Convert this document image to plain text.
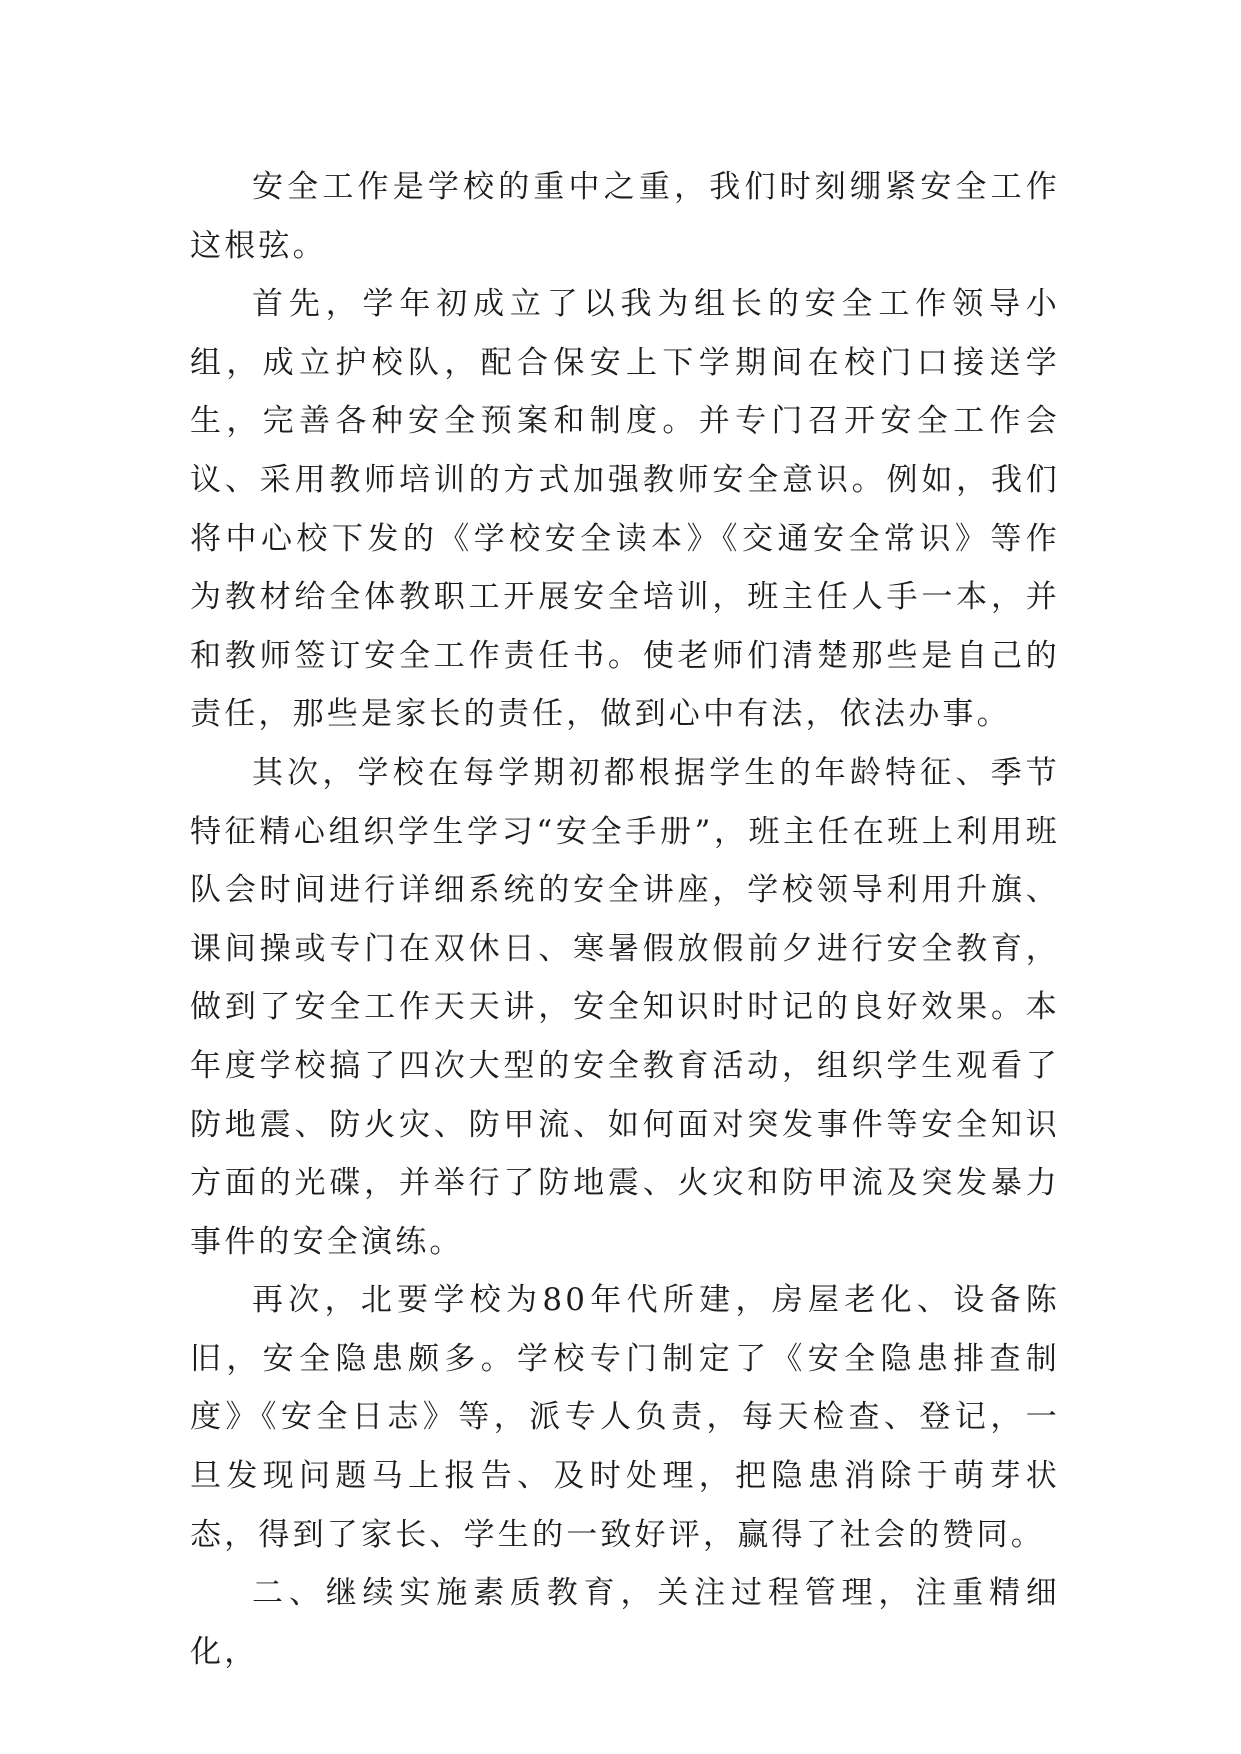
安全工作是学校的重中之重，我们时刻绷紧安全工作这根弦。

首先，学年初成立了以我为组长的安全工作领导小组，成立护校队，配合保安上下学期间在校门口接送学生，完善各种安全预案和制度。并专门召开安全工作会议、采用教师培训的方式加强教师安全意识。例如，我们将中心校下发的《学校安全读本》《交通安全常识》等作为教材给全体教职工开展安全培训，班主任人手一本，并和教师签订安全工作责任书。使老师们清楚那些是自己的责任，那些是家长的责任，做到心中有法，依法办事。

其次，学校在每学期初都根据学生的年龄特征、季节特征精心组织学生学习“安全手册”，班主任在班上利用班队会时间进行详细系统的安全讲座，学校领导利用升旗、课间操或专门在双休日、寒暑假放假前夕进行安全教育，做到了安全工作天天讲，安全知识时时记的良好效果。本年度学校搞了四次大型的安全教育活动，组织学生观看了防地震、防火灾、防甲流、如何面对突发事件等安全知识方面的光碟，并举行了防地震、火灾和防甲流及突发暴力事件的安全演练。

再次，北要学校为80年代所建，房屋老化、设备陈旧，安全隐患颇多。学校专门制定了《安全隐患排查制度》《安全日志》等，派专人负责，每天检查、登记，一旦发现问题马上报告、及时处理，把隐患消除于萌芽状态，得到了家长、学生的一致好评，赢得了社会的赞同。

二、继续实施素质教育，关注过程管理，注重精细化，
